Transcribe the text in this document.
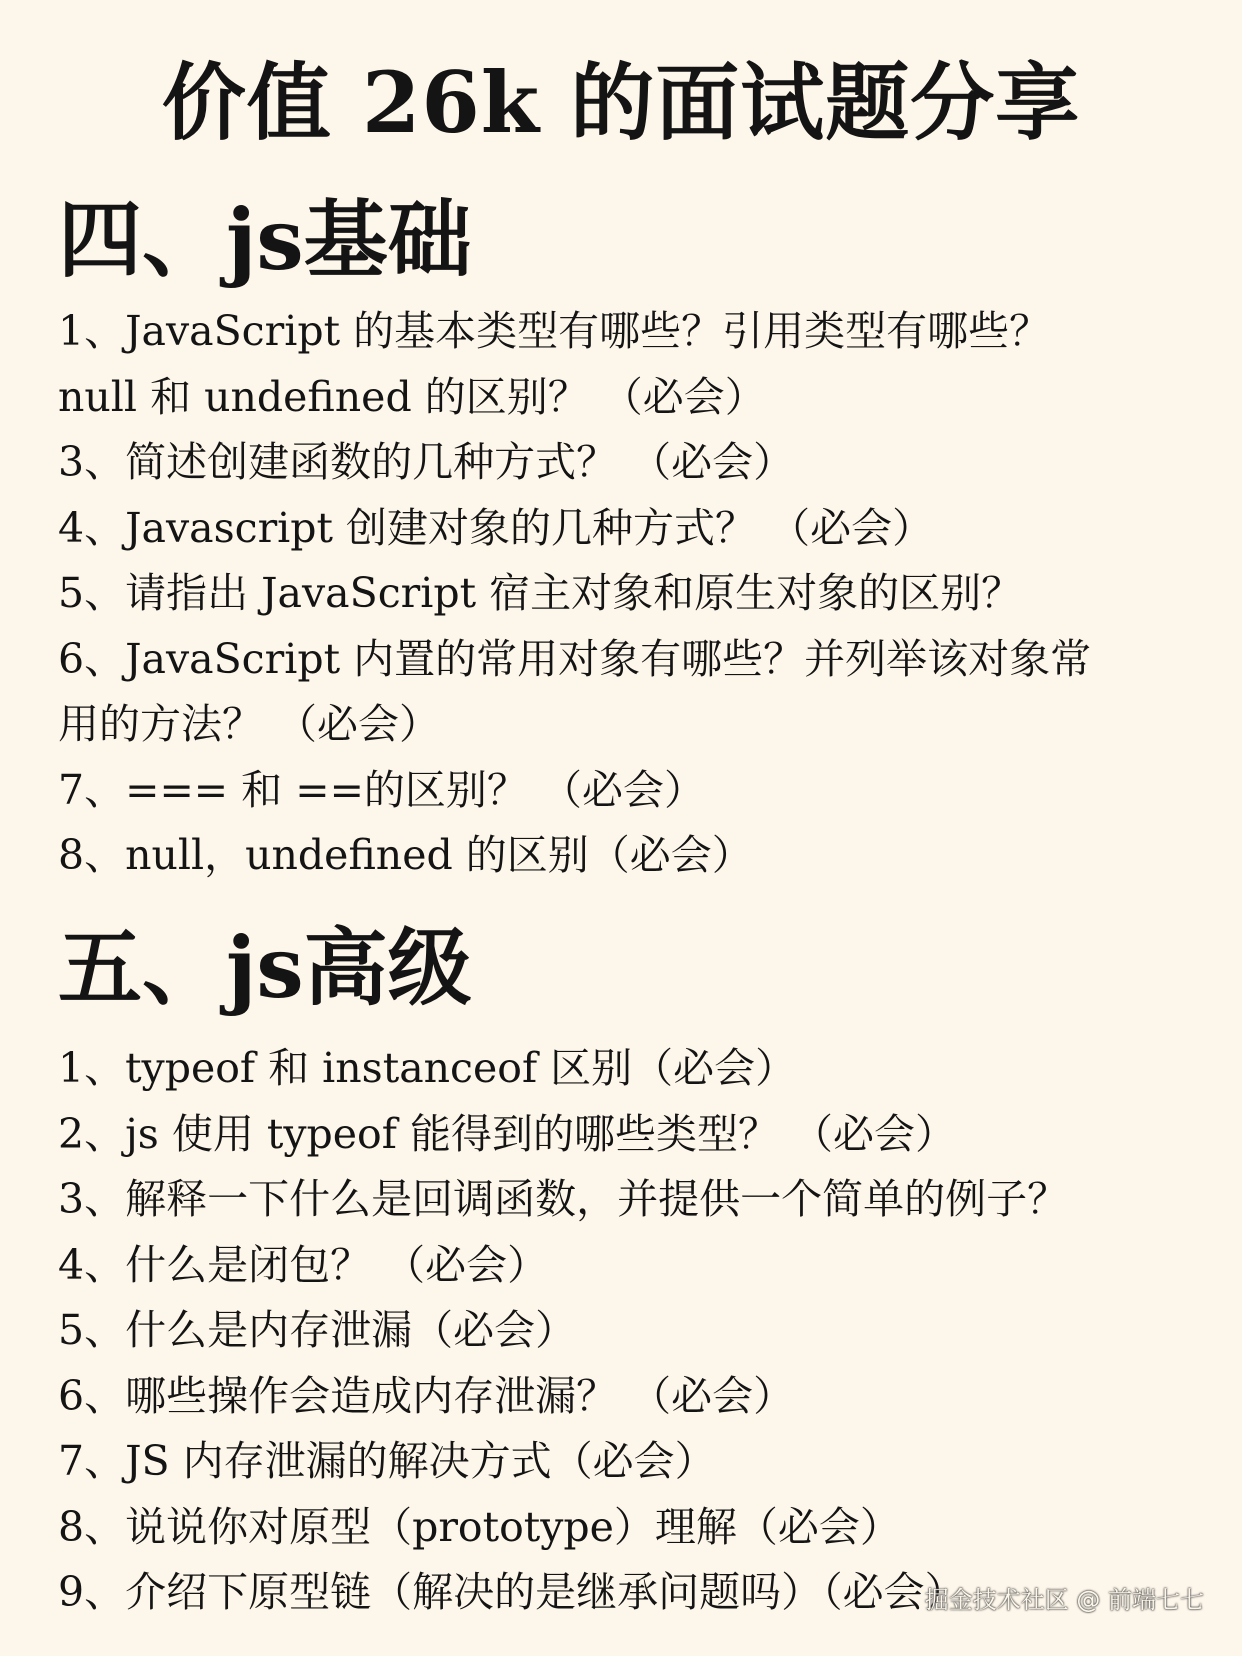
价值 26k 的面试题分享
四、js基础
1、JavaScript 的基本类型有哪些？引用类型有哪些？
null 和 undefined 的区别？ （必会）
3、简述创建函数的几种方式？ （必会）
4、Javascript 创建对象的几种方式？ （必会）
5、请指出 JavaScript 宿主对象和原生对象的区别？
6、JavaScript 内置的常用对象有哪些？并列举该对象常
用的方法？ （必会）
7、=== 和 ==的区别？ （必会）
8、null，undefined 的区别（必会）
五、js高级
1、typeof 和 instanceof 区别（必会）
2、js 使用 typeof 能得到的哪些类型？ （必会）
3、解释一下什么是回调函数，并提供一个简单的例子？
4、什么是闭包？ （必会）
5、什么是内存泄漏（必会）
6、哪些操作会造成内存泄漏？ （必会）
7、JS 内存泄漏的解决方式（必会）
8、说说你对原型（prototype）理解（必会）
9、介绍下原型链（解决的是继承问题吗）（必会）
掘金技术社区 @ 前端七七
